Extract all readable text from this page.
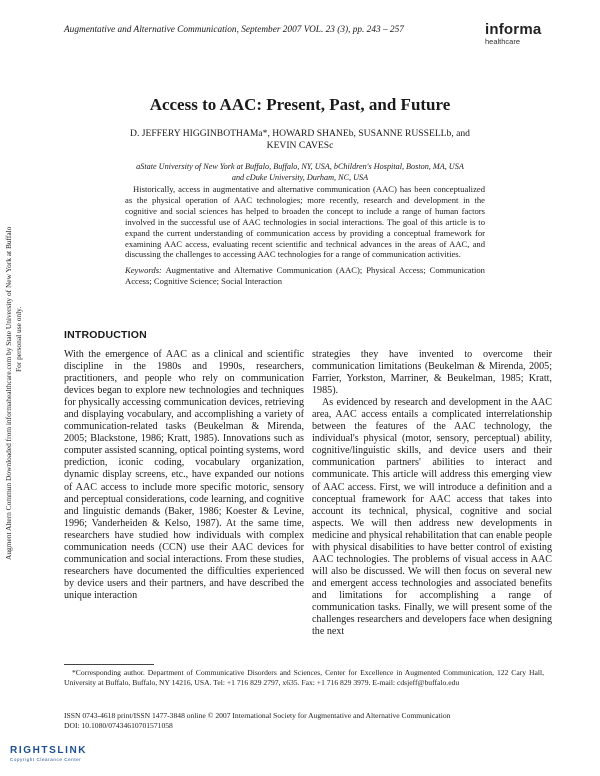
Augment Altern Commun Downloaded from informahealthcare.com by State University of New York at Buffalo For personal use only.
Augmentative and Alternative Communication, September 2007 VOL. 23 (3), pp. 243 – 257	informa
healthcare
Access to AAC: Present, Past, and Future
D. JEFFERY HIGGINBOTHAMa*, HOWARD SHANEb, SUSANNE RUSSELLb, and
KEVIN CAVESc
aState University of New York at Buffalo, Buffalo, NY, USA, bChildren's Hospital, Boston, MA, USA
and cDuke University, Durham, NC, USA

Historically, access in augmentative and alternative communication (AAC) has been conceptualized as the physical operation of AAC technologies; more recently, research and development in the cognitive and social sciences has helped to broaden the concept to include a range of human factors involved in the successful use of AAC technologies in social interactions. The goal of this article is to expand the current understanding of communication access by providing a conceptual framework for examining AAC access, evaluating recent scientific and technical advances in the areas of AAC, and discussing the challenges to accessing AAC technologies for a range of communication activities.

Keywords: Augmentative and Alternative Communication (AAC); Physical Access; Communication Access; Cognitive Science; Social Interaction
INTRODUCTION

With the emergence of AAC as a clinical and scientific discipline in the 1980s and 1990s, researchers, practitioners, and people who rely on communication devices began to explore new technologies and techniques for physically accessing communication devices, retrieving and displaying vocabulary, and accomplishing a variety of communication-related tasks (Beukelman & Mirenda, 2005; Blackstone, 1986; Kratt, 1985). Innovations such as computer assisted scanning, optical pointing systems, word prediction, iconic coding, vocabulary organization, dynamic display screens, etc., have expanded our notions of AAC access to include more specific motoric, sensory and perceptual considerations, code learning, and cognitive and linguistic demands (Baker, 1986; Koester & Levine, 1996; Vanderheiden & Kelso, 1987). At the same time, researchers have studied how individuals with complex communication needs (CCN) use their AAC devices for communication and social interactions. From these studies, researchers have documented the difficulties experienced by device users and their partners, and have described the unique interaction

strategies they have invented to overcome their communication limitations (Beukelman & Mirenda, 2005; Farrier, Yorkston, Marriner, & Beukelman, 1985; Kratt, 1985).

As evidenced by research and development in the AAC area, AAC access entails a complicated interrelationship between the features of the AAC technology, the individual's physical (motor, sensory, perceptual) ability, cognitive/linguistic skills, and device users and their communication partners' abilities to interact and communicate. This article will address this emerging view of AAC access. First, we will introduce a definition and a conceptual framework for AAC access that takes into account its technical, physical, cognitive and social aspects. We will then address new developments in medicine and physical rehabilitation that can enable people with physical disabilities to have better control of existing AAC technologies. The problems of visual access in AAC will also be discussed. We will then focus on several new and emergent access technologies and associated benefits and limitations for accomplishing a range of communication tasks. Finally, we will present some of the challenges researchers and developers face when designing the next

*Corresponding author. Department of Communicative Disorders and Sciences, Center for Excellence in Augmented Communication, 122 Cary Hall, University at Buffalo, Buffalo, NY 14216, USA. Tel: +1 716 829 2797, x635. Fax: +1 716 829 3979. E-mail: cdsjeff@buffalo.edu

ISSN 0743-4618 print/ISSN 1477-3848 online © 2007 International Society for Augmentative and Alternative Communication
DOI: 10.1080/07434610701571058
RIGHTSLINK
Copyright Clearance Center
